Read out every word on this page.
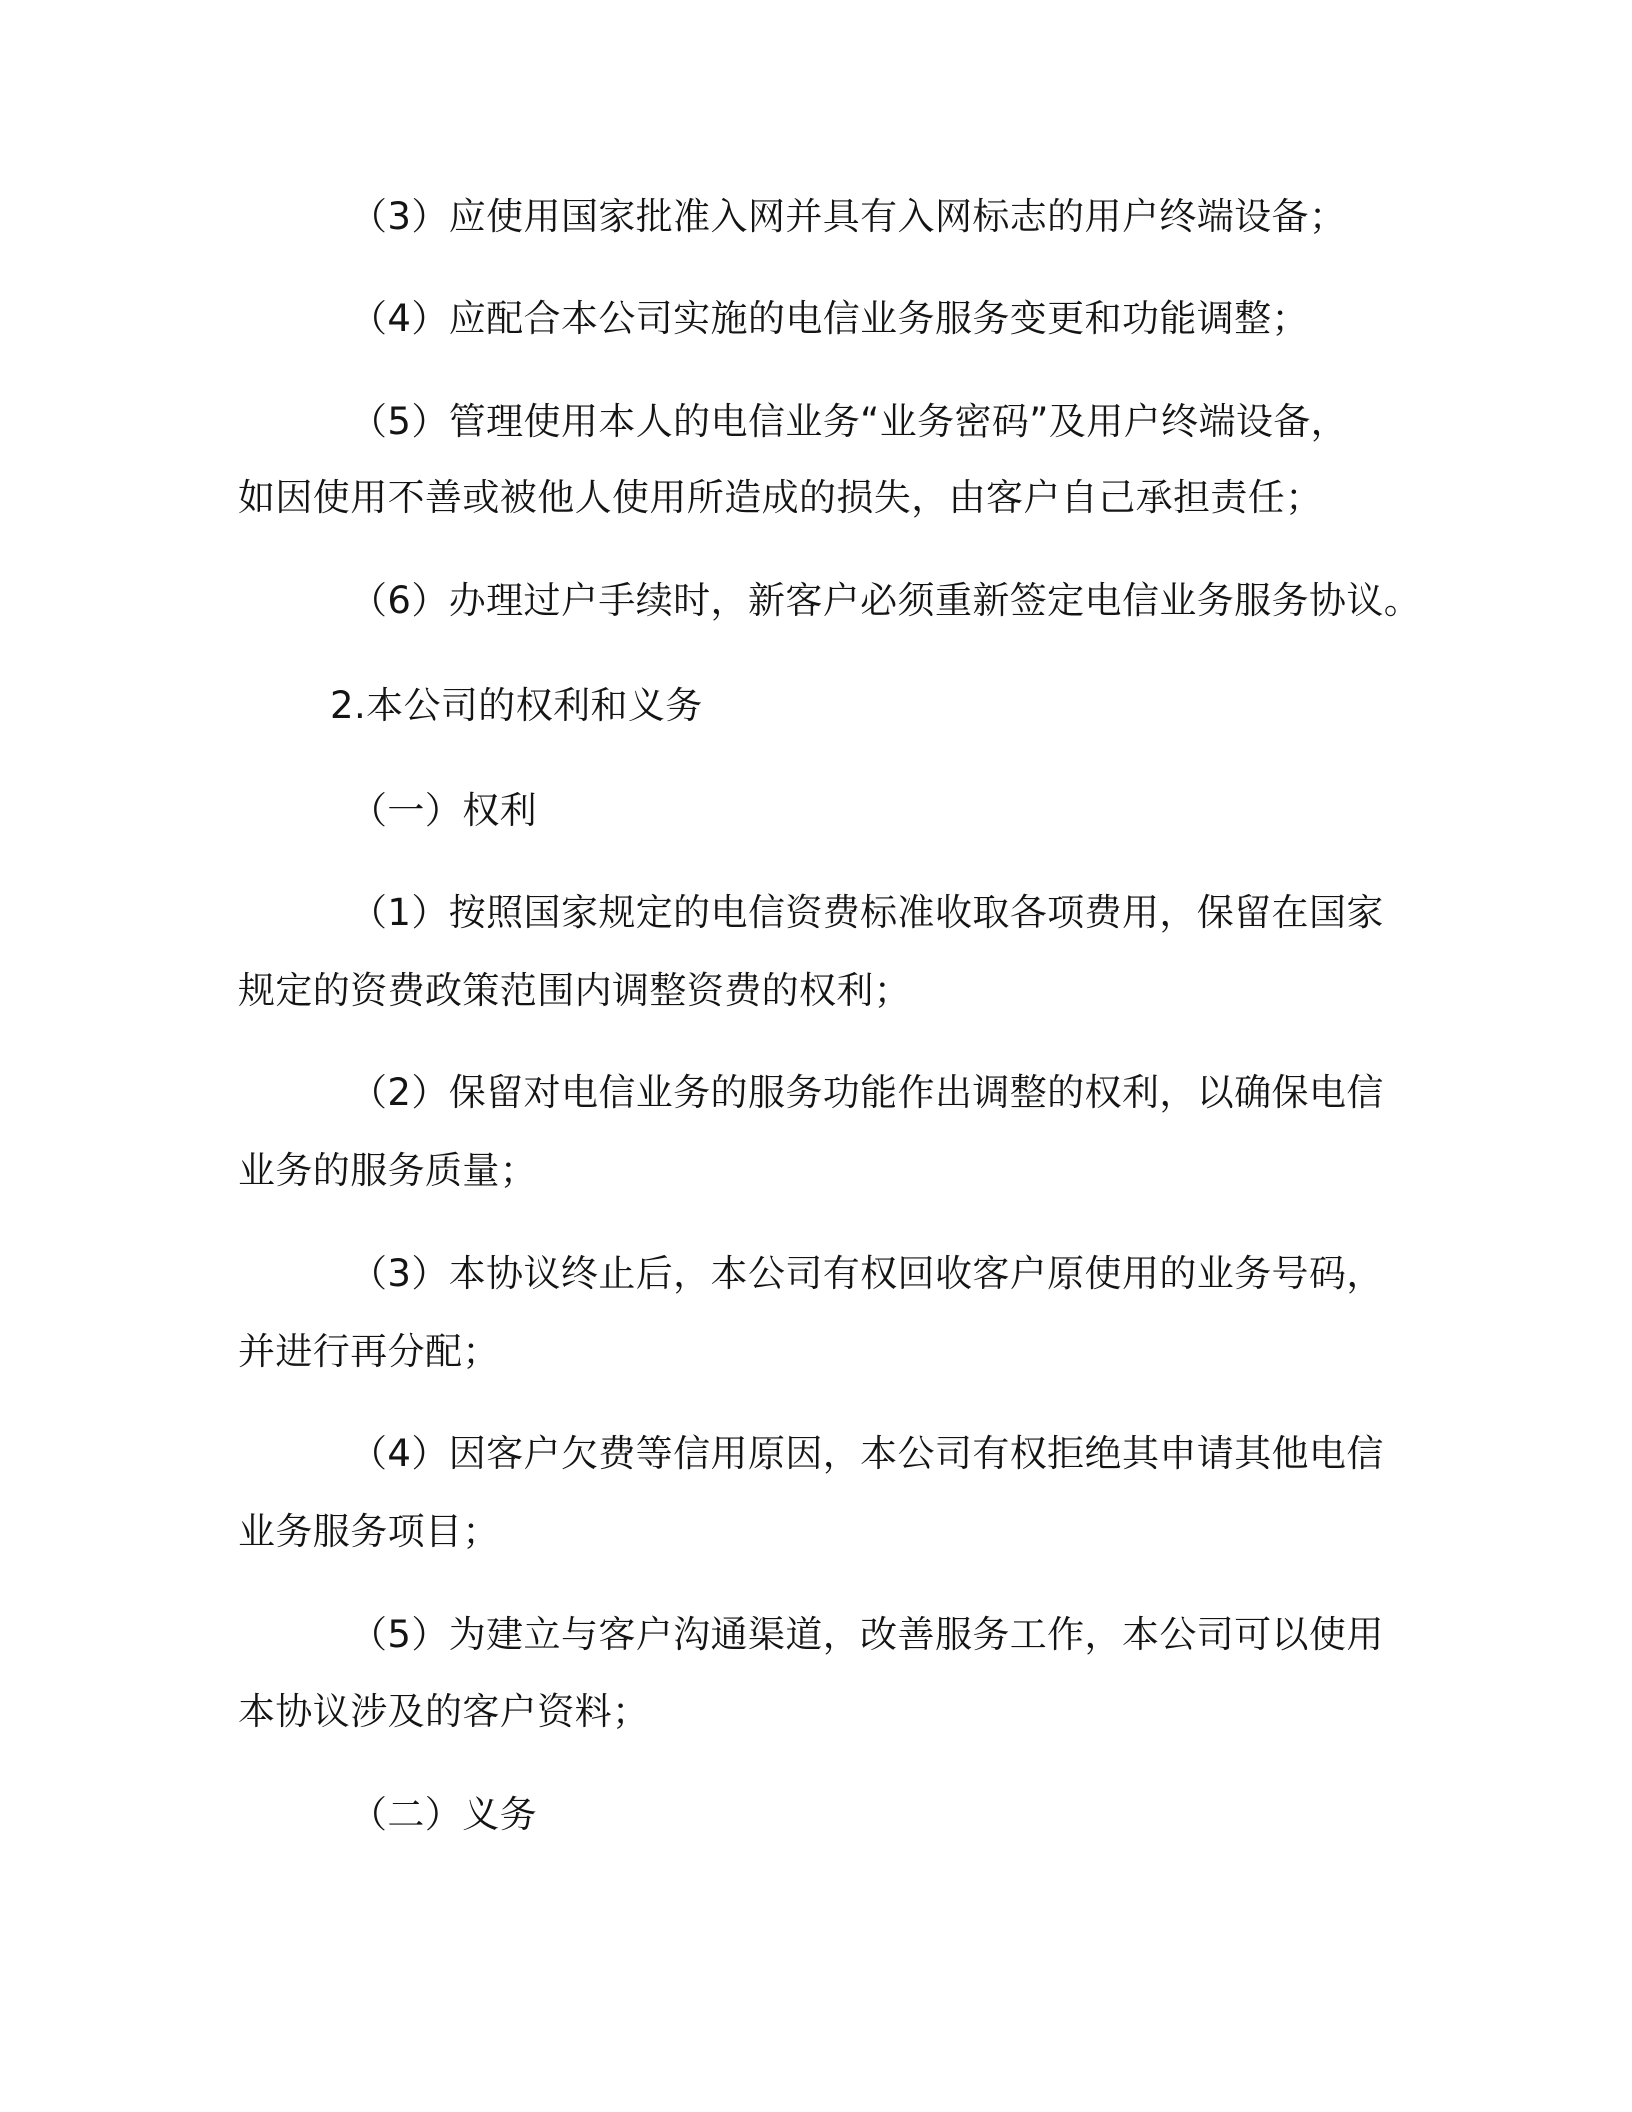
（3）应使用国家批准入网并具有入网标志的用户终端设备；
（4）应配合本公司实施的电信业务服务变更和功能调整；
（5）管理使用本人的电信业务“业务密码”及用户终端设备，
如因使用不善或被他人使用所造成的损失，由客户自己承担责任；
（6）办理过户手续时，新客户必须重新签定电信业务服务协议。
2.本公司的权利和义务
（一）权利
（1）按照国家规定的电信资费标准收取各项费用，保留在国家
规定的资费政策范围内调整资费的权利；
（2）保留对电信业务的服务功能作出调整的权利，以确保电信
业务的服务质量；
（3）本协议终止后，本公司有权回收客户原使用的业务号码，
并进行再分配；
（4）因客户欠费等信用原因，本公司有权拒绝其申请其他电信
业务服务项目；
（5）为建立与客户沟通渠道，改善服务工作，本公司可以使用
本协议涉及的客户资料；
（二）义务
